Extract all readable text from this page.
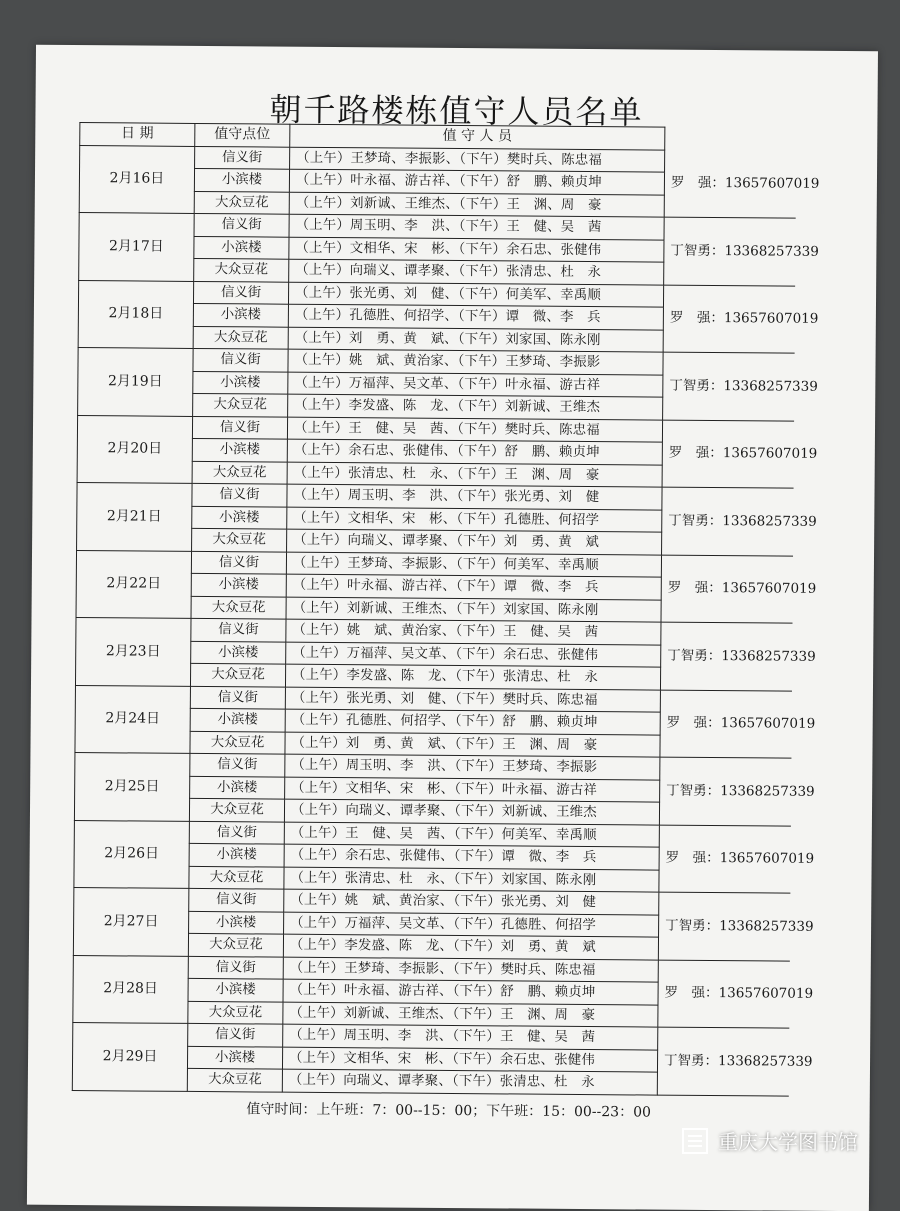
朝千路楼栋值守人员名单
日 期	值守点位	值 守 人 员	
2月16日	信义街	（上午）王梦琦、李振影、（下午）樊时兵、陈忠福	罗　强：13657607019
	小滨楼	（上午）叶永福、游古祥、（下午）舒　鹏、赖贞坤	
	大众豆花	（上午）刘新诚、王维杰、（下午）王　渊、周　豪	
2月17日	信义街	（上午）周玉明、李　洪、（下午）王　健、吴　茜	丁智勇：13368257339
	小滨楼	（上午）文相华、宋　彬、（下午）余石忠、张健伟	
	大众豆花	（上午）向瑞义、谭孝聚、（下午）张清忠、杜　永	
2月18日	信义街	（上午）张光勇、刘　健、（下午）何美军、幸禹顺	罗　强：13657607019
	小滨楼	（上午）孔德胜、何招学、（下午）谭　微、李　兵	
	大众豆花	（上午）刘　勇、黄　斌、（下午）刘家国、陈永刚	
2月19日	信义街	（上午）姚　斌、黄治家、（下午）王梦琦、李振影	丁智勇：13368257339
	小滨楼	（上午）万福萍、吴文革、（下午）叶永福、游古祥	
	大众豆花	（上午）李发盛、陈　龙、（下午）刘新诚、王维杰	
2月20日	信义街	（上午）王　健、吴　茜、（下午）樊时兵、陈忠福	罗　强：13657607019
	小滨楼	（上午）余石忠、张健伟、（下午）舒　鹏、赖贞坤	
	大众豆花	（上午）张清忠、杜　永、（下午）王　渊、周　豪	
2月21日	信义街	（上午）周玉明、李　洪、（下午）张光勇、刘　健	丁智勇：13368257339
	小滨楼	（上午）文相华、宋　彬、（下午）孔德胜、何招学	
	大众豆花	（上午）向瑞义、谭孝聚、（下午）刘　勇、黄　斌	
2月22日	信义街	（上午）王梦琦、李振影、（下午）何美军、幸禹顺	罗　强：13657607019
	小滨楼	（上午）叶永福、游古祥、（下午）谭　微、李　兵	
	大众豆花	（上午）刘新诚、王维杰、（下午）刘家国、陈永刚	
2月23日	信义街	（上午）姚　斌、黄治家、（下午）王　健、吴　茜	丁智勇：13368257339
	小滨楼	（上午）万福萍、吴文革、（下午）余石忠、张健伟	
	大众豆花	（上午）李发盛、陈　龙、（下午）张清忠、杜　永	
2月24日	信义街	（上午）张光勇、刘　健、（下午）樊时兵、陈忠福	罗　强：13657607019
	小滨楼	（上午）孔德胜、何招学、（下午）舒　鹏、赖贞坤	
	大众豆花	（上午）刘　勇、黄　斌、（下午）王　渊、周　豪	
2月25日	信义街	（上午）周玉明、李　洪、（下午）王梦琦、李振影	丁智勇：13368257339
	小滨楼	（上午）文相华、宋　彬、（下午）叶永福、游古祥	
	大众豆花	（上午）向瑞义、谭孝聚、（下午）刘新诚、王维杰	
2月26日	信义街	（上午）王　健、吴　茜、（下午）何美军、幸禹顺	罗　强：13657607019
	小滨楼	（上午）余石忠、张健伟、（下午）谭　微、李　兵	
	大众豆花	（上午）张清忠、杜　永、（下午）刘家国、陈永刚	
2月27日	信义街	（上午）姚　斌、黄治家、（下午）张光勇、刘　健	丁智勇：13368257339
	小滨楼	（上午）万福萍、吴文革、（下午）孔德胜、何招学	
	大众豆花	（上午）李发盛、陈　龙、（下午）刘　勇、黄　斌	
2月28日	信义街	（上午）王梦琦、李振影、（下午）樊时兵、陈忠福	罗　强：13657607019
	小滨楼	（上午）叶永福、游古祥、（下午）舒　鹏、赖贞坤	
	大众豆花	（上午）刘新诚、王维杰、（下午）王　渊、周　豪	
2月29日	信义街	（上午）周玉明、李　洪、（下午）王　健、吴　茜	丁智勇：13368257339
	小滨楼	（上午）文相华、宋　彬、（下午）余石忠、张健伟	
	大众豆花	（上午）向瑞义、谭孝聚、（下午）张清忠、杜　永	
值守时间：上午班：7：00--15：00；下午班：15：00--23：00
重庆大学图书馆
